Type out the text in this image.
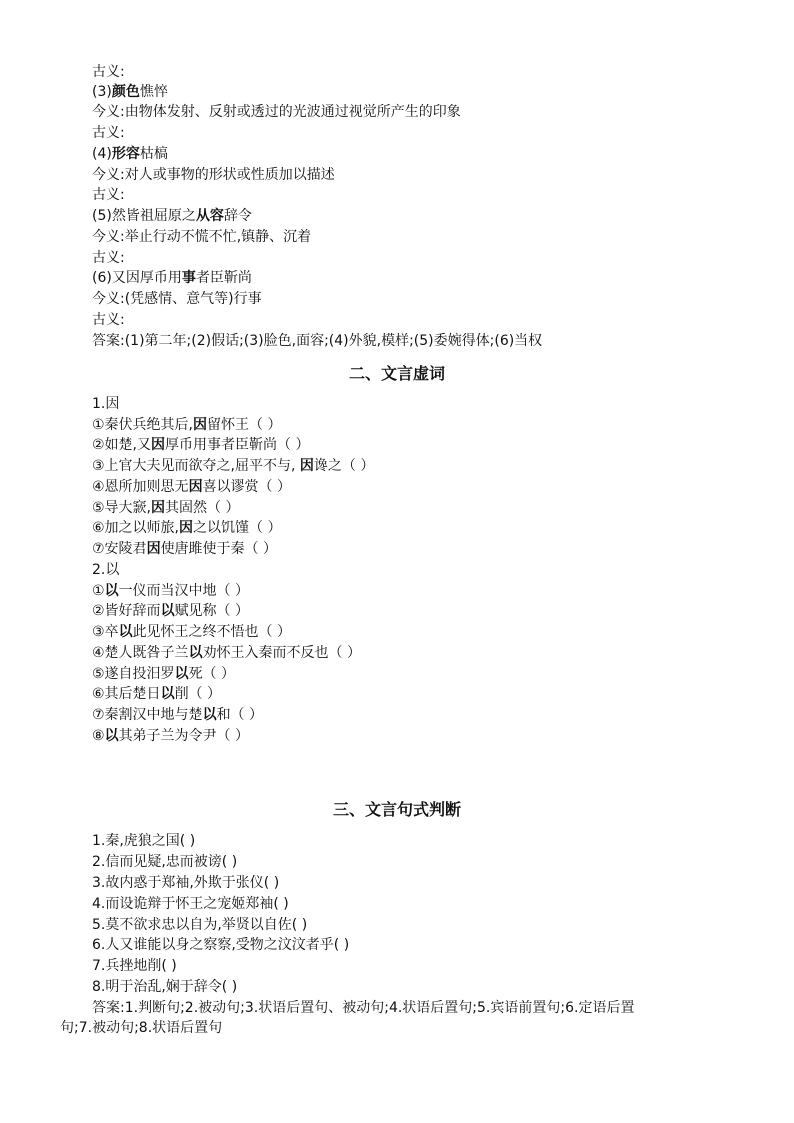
古义:
(3)颜色憔悴
今义:由物体发射、反射或透过的光波通过视觉所产生的印象
古义:
(4)形容枯槁
今义:对人或事物的形状或性质加以描述
古义:
(5)然皆祖屈原之从容辞令
今义:举止行动不慌不忙,镇静、沉着
古义:
(6)又因厚币用事者臣靳尚
今义:(凭感情、意气等)行事
古义:
答案:(1)第二年;(2)假话;(3)脸色,面容;(4)外貌,模样;(5)委婉得体;(6)当权
二、文言虚词
1.因
①秦伏兵绝其后,因留怀王（ ）
②如楚,又因厚币用事者臣靳尚（ ）
③上官大夫见而欲夺之,屈平不与, 因谗之（ ）
④恩所加则思无因喜以谬赏（ ）
⑤导大窾,因其固然（ ）
⑥加之以师旅,因之以饥馑（ ）
⑦安陵君因使唐雎使于秦（ ）
2.以
①以一仪而当汉中地（ ）
②皆好辞而以赋见称（ ）
③卒以此见怀王之终不悟也（ ）
④楚人既咎子兰以劝怀王入秦而不反也（ ）
⑤遂自投汨罗以死（ ）
⑥其后楚日以削（ ）
⑦秦割汉中地与楚以和（ ）
⑧以其弟子兰为令尹（ ）
三、文言句式判断
1.秦,虎狼之国( )
2.信而见疑,忠而被谤( )
3.故内惑于郑袖,外欺于张仪( )
4.而设诡辩于怀王之宠姬郑袖( )
5.莫不欲求忠以自为,举贤以自佐( )
6.人又谁能以身之察察,受物之汶汶者乎( )
7.兵挫地削( )
8.明于治乱,娴于辞令( )
答案:1.判断句;2.被动句;3.状语后置句、被动句;4.状语后置句;5.宾语前置句;6.定语后置
句;7.被动句;8.状语后置句
